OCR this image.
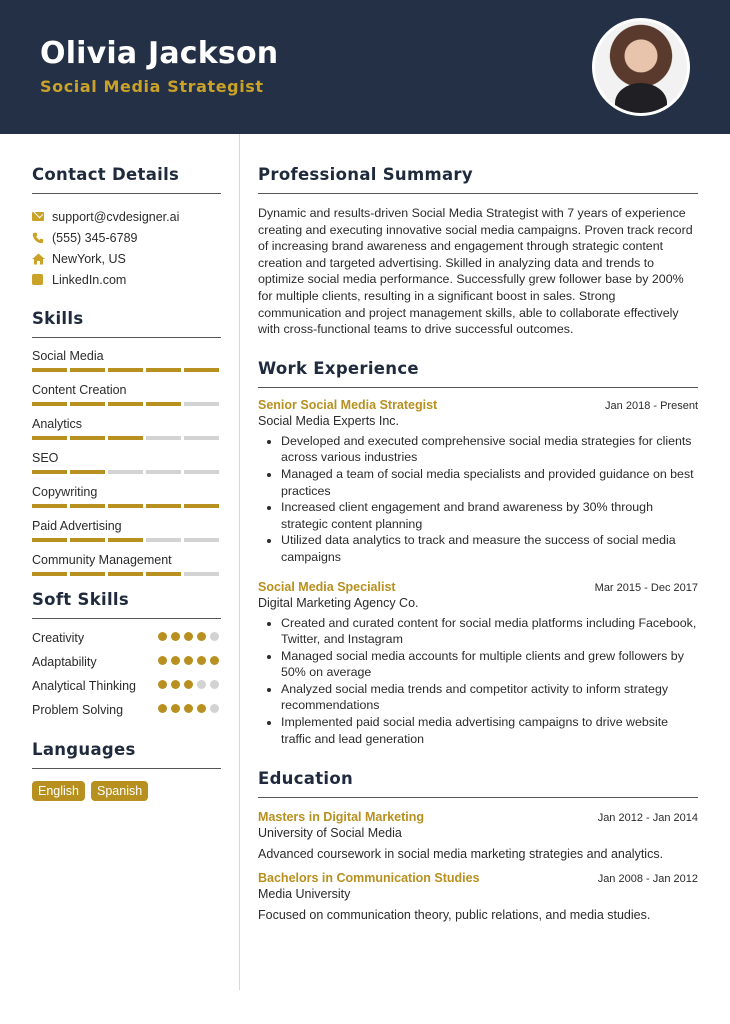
Olivia Jackson
Social Media Strategist
Contact Details
support@cvdesigner.ai
(555) 345-6789
NewYork, US
LinkedIn.com
Skills
Social Media
Content Creation
Analytics
SEO
Copywriting
Paid Advertising
Community Management
Soft Skills
Creativity
Adaptability
Analytical Thinking
Problem Solving
Languages
English	Spanish
Professional Summary
Dynamic and results-driven Social Media Strategist with 7 years of experience creating and executing innovative social media campaigns. Proven track record of increasing brand awareness and engagement through strategic content creation and targeted advertising. Skilled in analyzing data and trends to optimize social media performance. Successfully grew follower base by 200% for multiple clients, resulting in a significant boost in sales. Strong communication and project management skills, able to collaborate effectively with cross-functional teams to drive successful outcomes.
Work Experience
Senior Social Media Strategist	Jan 2018 - Present
Social Media Experts Inc.
• Developed and executed comprehensive social media strategies for clients across various industries
• Managed a team of social media specialists and provided guidance on best practices
• Increased client engagement and brand awareness by 30% through strategic content planning
• Utilized data analytics to track and measure the success of social media campaigns
Social Media Specialist	Mar 2015 - Dec 2017
Digital Marketing Agency Co.
• Created and curated content for social media platforms including Facebook, Twitter, and Instagram
• Managed social media accounts for multiple clients and grew followers by 50% on average
• Analyzed social media trends and competitor activity to inform strategy recommendations
• Implemented paid social media advertising campaigns to drive website traffic and lead generation
Education
Masters in Digital Marketing	Jan 2012 - Jan 2014
University of Social Media
Advanced coursework in social media marketing strategies and analytics.
Bachelors in Communication Studies	Jan 2008 - Jan 2012
Media University
Focused on communication theory, public relations, and media studies.
